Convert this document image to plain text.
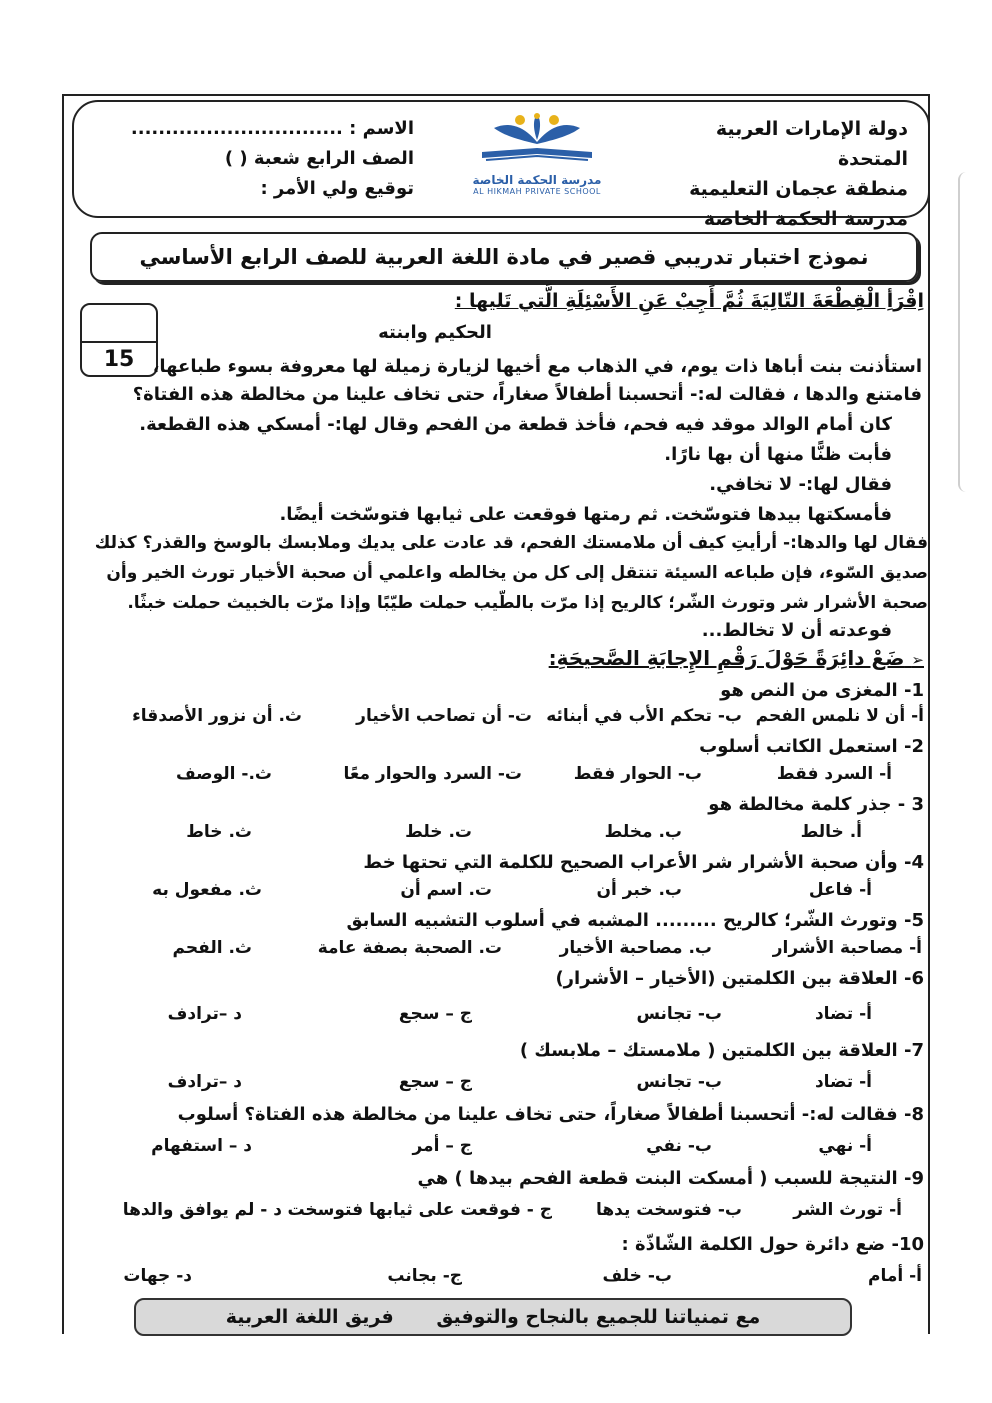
دولة الإمارات العربية المتحدة
منطقة عجمان التعليمية
مدرسة الحكمة الخاصة
مدرسة الحكمة الخاصة
AL HIKMAH PRIVATE SCHOOL
الاسم : ...............................
الصف الرابع شعبة ( )
توقيع ولي الأمر :
نموذج اختبار تدريبي قصير في مادة اللغة العربية للصف الرابع الأساسي
15
اِقْرَأِ الْقِطْعَةَ التّالِيَةَ ثُمَّ أَجِبْ عَنِ الأَسْئِلَةِ الَّتي تَليها :
الحكيم وابنته
استأذنت بنت أباها ذات يوم، في الذهاب مع أخيها لزيارة زميلة لها معروفة بسوء طباعها،
فامتنع والدها ، فقالت له:- أتحسبنا أطفالاً صغاراً، حتى تخاف علينا من مخالطة هذه الفتاة؟
كان أمام الوالد موقد فيه فحم، فأخذ قطعة من الفحم وقال لها:- أمسكي هذه القطعة.
فأبت ظنًّا منها أن بها نارًا.
فقال لها:- لا تخافي.
فأمسكتها بيدها فتوسّخت. ثم رمتها فوقعت على ثيابها فتوسّخت أيضًا.
فقال لها والدها:- أرأيتِ كيف أن ملامستك الفحم، قد عادت على يديك وملابسك بالوسخ والقذر؟ كذلك
صديق السّوء، فإن طباعه السيئة تنتقل إلى كل من يخالطه واعلمي أن صحبة الأخيار تورث الخير وأن
صحبة الأشرار شر وتورث الشّر؛ كالريح إذا مرّت بالطّيب حملت طيّبًا وإذا مرّت بالخبيث حملت خبثًا.
فوعدته أن لا تخالط...
➢ ضَعْ دائِرَةً حَوْلَ رَقْمِ الإِجابَةِ الصَّحيحَةِ:
1- المغزى من النص هو
أ- أن لا نلمس الفحم
ب- تحكم الأب في أبنائه
ت- أن تصاحب الأخيار
ث. أن نزور الأصدقاء
2- استعمل الكاتب أسلوب
أ- السرد فقط
ب- الحوار فقط
ت- السرد والحوار معًا
ث.- الوصف
3 - جذر كلمة مخالطة هو
أ. خالط
ب. مخلط
ت. خلط
ث. خاط
4- وأن صحبة الأشرار شر الأعراب الصحيح للكلمة التي تحتها خط
أ- فاعل
ب. خبر أن
ت. اسم أن
ث. مفعول به
5- وتورث الشّر؛ كالريح ......... المشبه في أسلوب التشبيه السابق
أ- مصاحبة الأشرار
ب. مصاحبة الأخيار
ت. الصحبة بصفة عامة
ث. الفحم
6- العلاقة بين الكلمتين (الأخيار – الأشرار)
أ- تضاد
ب- تجانس
ج – سجع
د –ترادف
7- العلاقة بين الكلمتين ( ملامستك – ملابسك )
أ- تضاد
ب- تجانس
ج – سجع
د –ترادف
8- فقالت له:- أتحسبنا أطفالاً صغاراً، حتى تخاف علينا من مخالطة هذه الفتاة؟ أسلوب
أ- نهي
ب- نفي
ج – أمر
د – استفهام
9- النتيجة للسبب ( أمسكت البنت قطعة الفحم بيدها ) هي
أ- تورث الشر
ب- فتوسخت يدها
ج - فوقعت على ثيابها فتوسخت
د - لم يوافق والدها
10- ضع دائرة حول الكلمة الشّاذّة :
أ- أمام
ب- خلف
ج- بجانب
د- جهات
مع تمنياتنا للجميع بالنجاح والتوفيق فريق اللغة العربية
